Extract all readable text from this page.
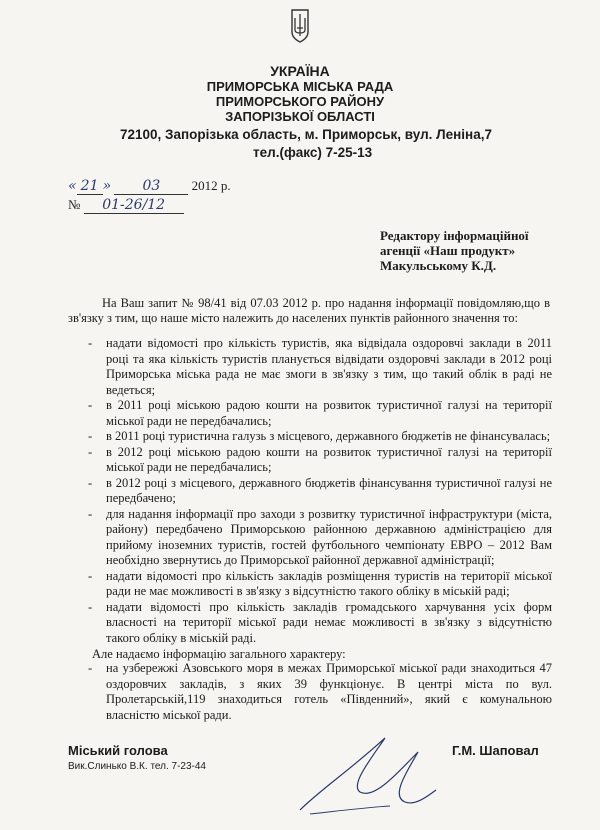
УКРАЇНА
ПРИМОРСЬКА МІСЬКА РАДА
ПРИМОРСЬКОГО РАЙОНУ
ЗАПОРІЗЬКОЇ ОБЛАСТІ
72100, Запорізька область, м. Приморськ, вул. Леніна,7
тел.(факс) 7-25-13
« 21 » 03 2012 р.
№ 01-26/12
Редактору інформаційної
агенції «Наш продукт»
Макульському К.Д.
На Ваш запит № 98/41 від 07.03 2012 р. про надання інформації повідомляю,що в зв'язку з тим, що наше місто належить до населених пунктів районного значення то:
- надати відомості про кількість туристів, яка відвідала оздоровчі заклади в 2011 році та яка кількість туристів планується відвідати оздоровчі заклади в 2012 році Приморська міська рада не має змоги в зв'язку з тим, що такий облік в раді не ведеться;
- в 2011 році міською радою кошти на розвиток туристичної галузі на території міської ради не передбачались;
- в 2011 році туристична галузь з місцевого, державного бюджетів не фінансувалась;
- в 2012 році міською радою кошти на розвиток туристичної галузі на території міської ради не передбачались;
- в 2012 році з місцевого, державного бюджетів фінансування туристичної галузі не передбачено;
- для надання інформації про заходи з розвитку туристичної інфраструктури (міста, району) передбачено Приморською районною державною адміністрацією для прийому іноземних туристів, гостей футбольного чемпіонату ЕВРО – 2012 Вам необхідно звернутись до Приморської районної державної адміністрації;
- надати відомості про кількість закладів розміщення туристів на території міської ради не має можливості в зв'язку з відсутністю такого обліку в міській раді;
- надати відомості про кількість закладів громадського харчування усіх форм власності на території міської ради немає можливості в зв'язку з відсутністю такого обліку в міській раді.
Але надаємо інформацію загального характеру:
- на узбережжі Азовського моря в межах Приморської міської ради знаходиться 47 оздоровчих закладів, з яких 39 функціонує. В центрі міста по вул. Пролетарській,119 знаходиться готель «Південний», який є комунальною власністю міської ради.
Міський голова
Вик.Слинько В.К. тел. 7-23-44
Г.М. Шаповал
